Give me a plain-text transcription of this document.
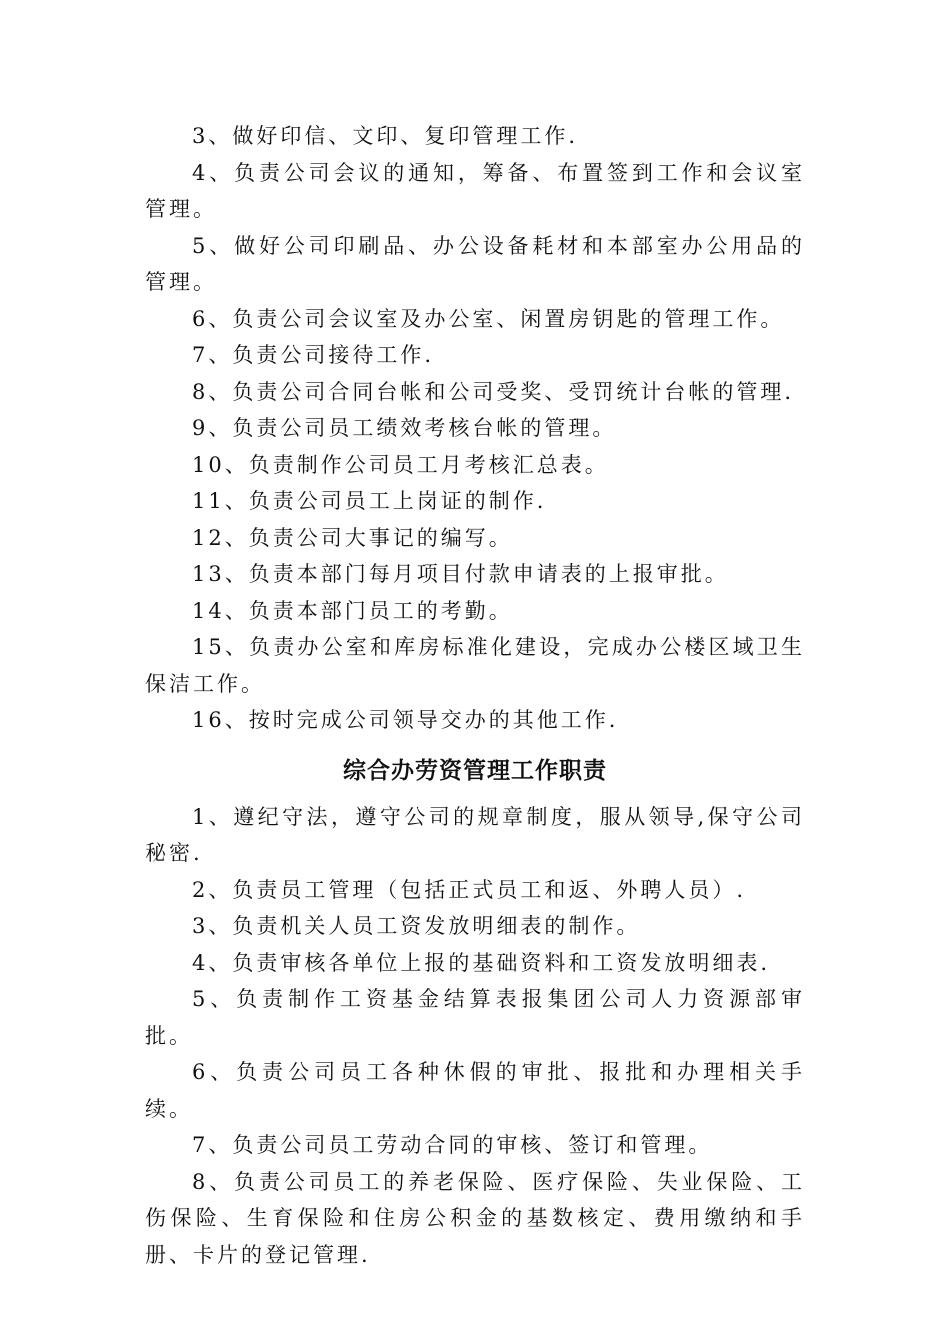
3、做好印信、文印、复印管理工作.

4、负责公司会议的通知，筹备、布置签到工作和会议室管理。

5、做好公司印刷品、办公设备耗材和本部室办公用品的管理。

6、负责公司会议室及办公室、闲置房钥匙的管理工作。

7、负责公司接待工作.

8、负责公司合同台帐和公司受奖、受罚统计台帐的管理.

9、负责公司员工绩效考核台帐的管理。

10、负责制作公司员工月考核汇总表。

11、负责公司员工上岗证的制作.

12、负责公司大事记的编写。

13、负责本部门每月项目付款申请表的上报审批。

14、负责本部门员工的考勤。

15、负责办公室和库房标准化建设，完成办公楼区域卫生保洁工作。

16、按时完成公司领导交办的其他工作.

综合办劳资管理工作职责

1、遵纪守法，遵守公司的规章制度，服从领导,保守公司秘密.

2、负责员工管理（包括正式员工和返、外聘人员）.

3、负责机关人员工资发放明细表的制作。

4、负责审核各单位上报的基础资料和工资发放明细表.

5、负责制作工资基金结算表报集团公司人力资源部审批。

6、负责公司员工各种休假的审批、报批和办理相关手续。

7、负责公司员工劳动合同的审核、签订和管理。

8、负责公司员工的养老保险、医疗保险、失业保险、工伤保险、生育保险和住房公积金的基数核定、费用缴纳和手册、卡片的登记管理.
